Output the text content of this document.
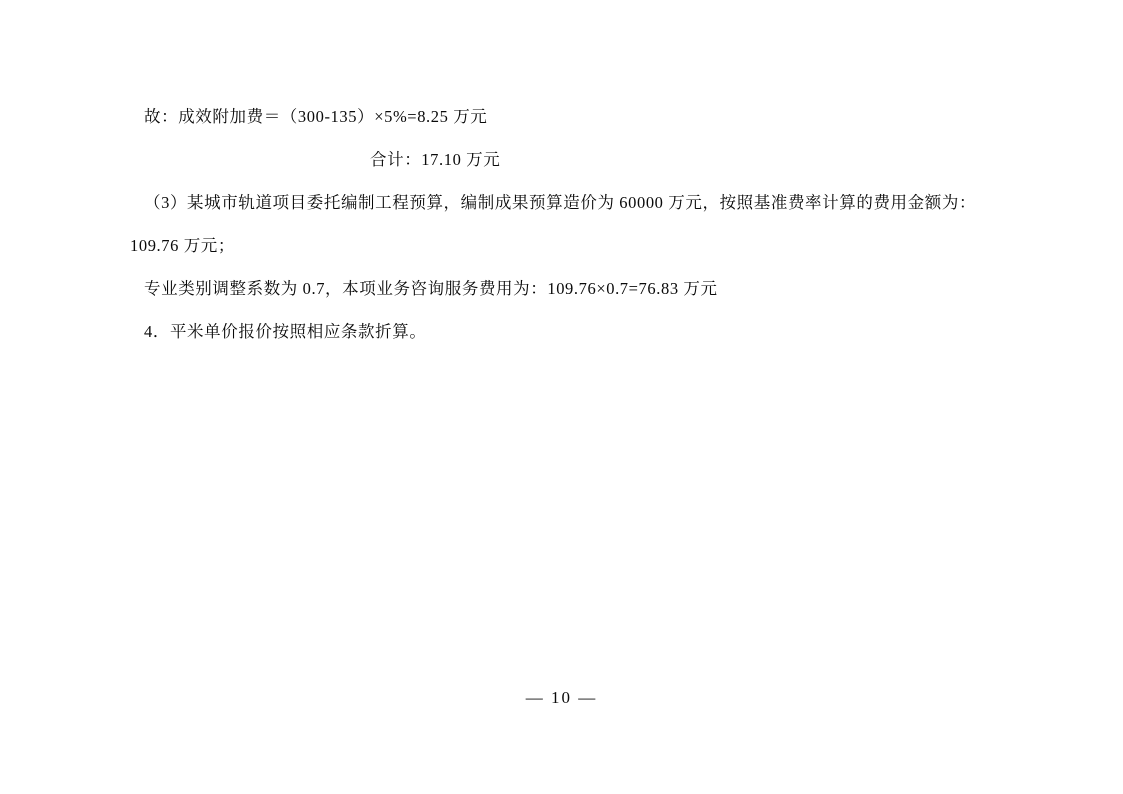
故：成效附加费＝（300-135）×5%=8.25 万元
合计：17.10 万元
（3）某城市轨道项目委托编制工程预算，编制成果预算造价为 60000 万元，按照基准费率计算的费用金额为：
109.76 万元；
专业类别调整系数为 0.7，本项业务咨询服务费用为：109.76×0.7=76.83 万元
4．平米单价报价按照相应条款折算。
— 10 —
